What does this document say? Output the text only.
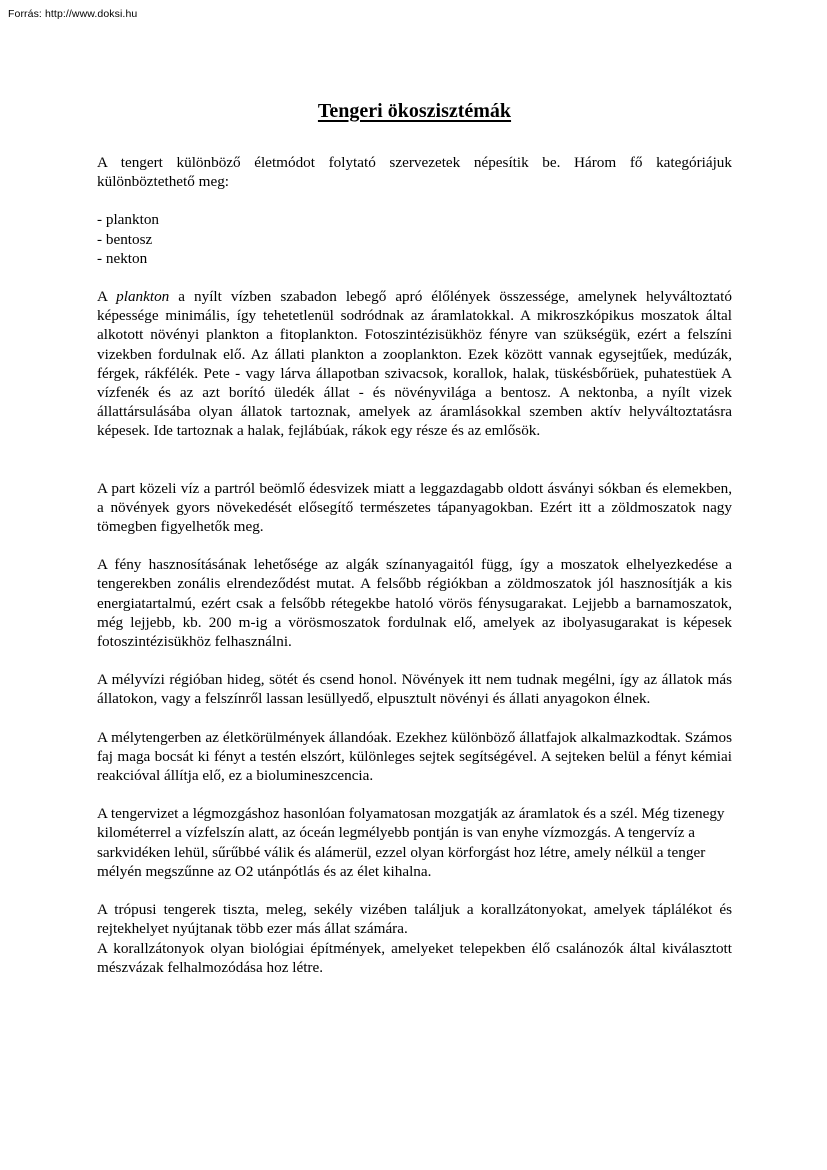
Forrás: http://www.doksi.hu
Tengeri ökoszisztémák

A tengert különböző életmódot folytató szervezetek népesítik be. Három fő kategóriájuk különböztethető meg:

- plankton

- bentosz

- nekton

A plankton a nyílt vízben szabadon lebegő apró élőlények összessége, amelynek helyváltoztató képessége minimális, így tehetetlenül sodródnak az áramlatokkal. A mikroszkópikus moszatok által alkotott növényi plankton a fitoplankton. Fotoszintézisükhöz fényre van szükségük, ezért a felszíni vizekben fordulnak elő. Az állati plankton a zooplankton. Ezek között vannak egysejtűek, medúzák, férgek, rákfélék. Pete - vagy lárva állapotban szivacsok, korallok, halak, tüskésbőrüek, puhatestüek A vízfenék és az azt borító üledék állat - és növényvilága a bentosz. A nektonba, a nyílt vizek állattársulásába olyan állatok tartoznak, amelyek az áramlásokkal szemben aktív helyváltoztatásra képesek. Ide tartoznak a halak, fejlábúak, rákok egy része és az emlősök.

A part közeli víz a partról beömlő édesvizek miatt a leggazdagabb oldott ásványi sókban és elemekben, a növények gyors növekedését elősegítő természetes tápanyagokban. Ezért itt a zöldmoszatok nagy tömegben figyelhetők meg.

A fény hasznosításának lehetősége az algák színanyagaitól függ, így a moszatok elhelyezkedése a tengerekben zonális elrendeződést mutat. A felsőbb régiókban a zöldmoszatok jól hasznosítják a kis energiatartalmú, ezért csak a felsőbb rétegekbe hatoló vörös fénysugarakat. Lejjebb a barnamoszatok, még lejjebb, kb. 200 m-ig a vörösmoszatok fordulnak elő, amelyek az ibolyasugarakat is képesek fotoszintézisükhöz felhasználni.

A mélyvízi régióban hideg, sötét és csend honol. Növények itt nem tudnak megélni, így az állatok más állatokon, vagy a felszínről lassan lesüllyedő, elpusztult növényi és állati anyagokon élnek.

A mélytengerben az életkörülmények állandóak. Ezekhez különböző állatfajok alkalmazkodtak. Számos faj maga bocsát ki fényt a testén elszórt, különleges sejtek segítségével. A sejteken belül a fényt kémiai reakcióval állítja elő, ez a biolumineszcencia.

A tengervizet a légmozgáshoz hasonlóan folyamatosan mozgatják az áramlatok és a szél. Még tizenegy kilométerrel a vízfelszín alatt, az óceán legmélyebb pontján is van enyhe vízmozgás. A tengervíz a sarkvidéken lehül, sűrűbbé válik és alámerül, ezzel olyan körforgást hoz létre, amely nélkül a tenger mélyén megszűnne az O2 utánpótlás és az élet kihalna.

A trópusi tengerek tiszta, meleg, sekély vizében találjuk a korallzátonyokat, amelyek táplálékot és rejtekhelyet nyújtanak több ezer más állat számára.

A korallzátonyok olyan biológiai építmények, amelyeket telepekben élő csalánozók által kiválasztott mészvázak felhalmozódása hoz létre.
